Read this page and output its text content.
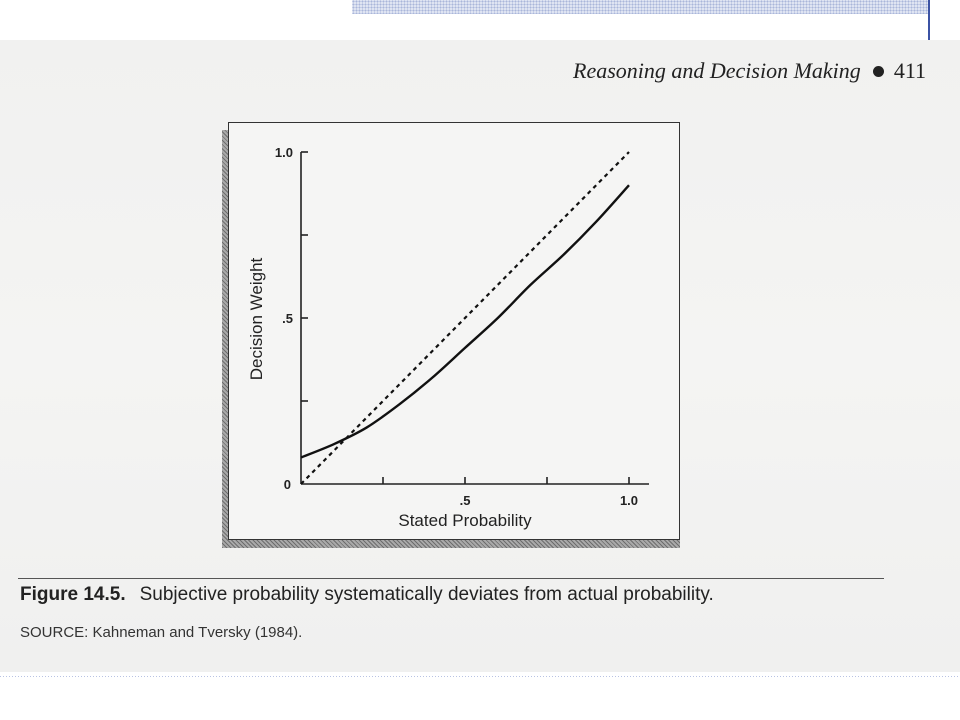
Reasoning and Decision Making 411
.5
1.0
.5	1.0
Stated Probability
Decision Weight
0
Figure 14.5. Subjective probability systematically deviates from actual probability.
SOURCE: Kahneman and Tversky (1984).
